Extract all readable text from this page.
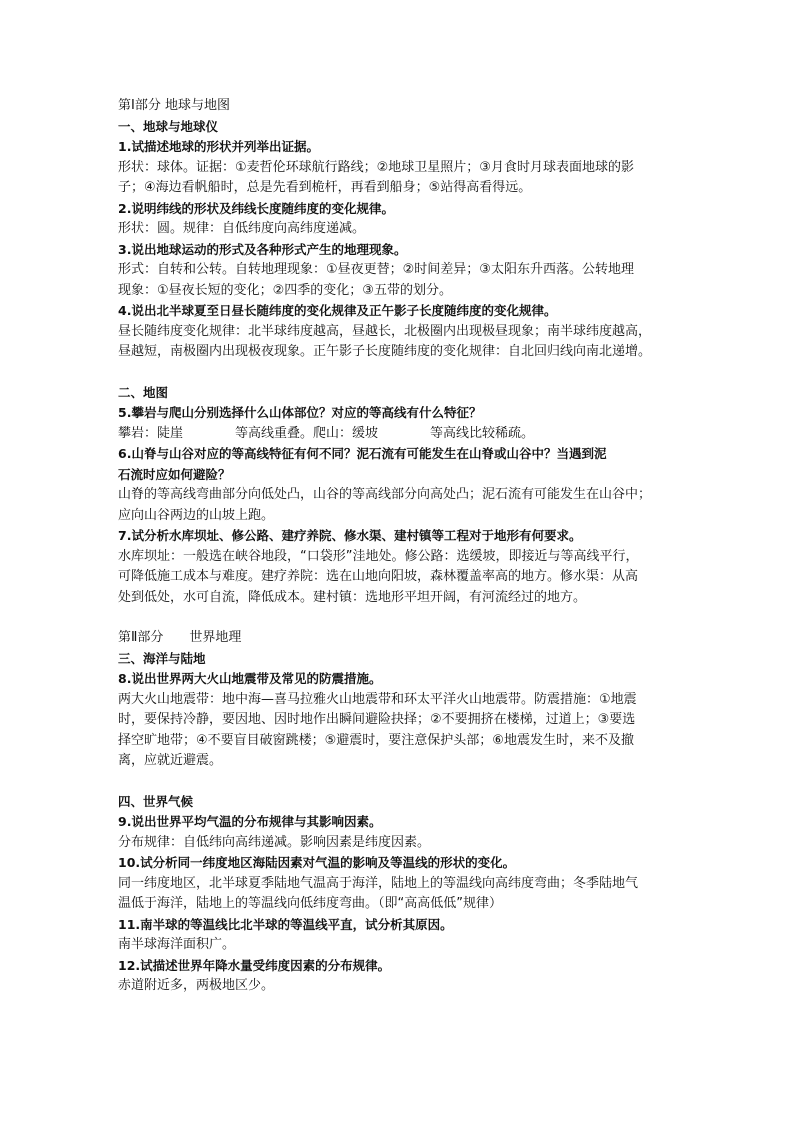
第Ⅰ部分 地球与地图
一、地球与地球仪
1.试描述地球的形状并列举出证据。
形状：球体。证据：①麦哲伦环球航行路线；②地球卫星照片；③月食时月球表面地球的影
子；④海边看帆船时，总是先看到桅杆，再看到船身；⑤站得高看得远。
2.说明纬线的形状及纬线长度随纬度的变化规律。
形状：圆。规律：自低纬度向高纬度递减。
3.说出地球运动的形式及各种形式产生的地理现象。
形式：自转和公转。自转地理现象：①昼夜更替；②时间差异；③太阳东升西落。公转地理
现象：①昼夜长短的变化；②四季的变化；③五带的划分。
4.说出北半球夏至日昼长随纬度的变化规律及正午影子长度随纬度的变化规律。
昼长随纬度变化规律：北半球纬度越高，昼越长，北极圈内出现极昼现象；南半球纬度越高，
昼越短，南极圈内出现极夜现象。正午影子长度随纬度的变化规律：自北回归线向南北递增。
二、地图
5.攀岩与爬山分别选择什么山体部位？对应的等高线有什么特征？
攀岩：陡崖　　　　等高线重叠。爬山：缓坡　　　　等高线比较稀疏。
6.山脊与山谷对应的等高线特征有何不同？泥石流有可能发生在山脊或山谷中？当遇到泥
石流时应如何避险？
山脊的等高线弯曲部分向低处凸，山谷的等高线部分向高处凸；泥石流有可能发生在山谷中；
应向山谷两边的山坡上跑。
7.试分析水库坝址、修公路、建疗养院、修水渠、建村镇等工程对于地形有何要求。
水库坝址：一般选在峡谷地段，“口袋形”洼地处。修公路：选缓坡，即接近与等高线平行，
可降低施工成本与难度。建疗养院：选在山地向阳坡，森林覆盖率高的地方。修水渠：从高
处到低处，水可自流，降低成本。建村镇：选地形平坦开阔，有河流经过的地方。
第Ⅱ部分　　世界地理
三、海洋与陆地
8.说出世界两大火山地震带及常见的防震措施。
两大火山地震带：地中海—喜马拉雅火山地震带和环太平洋火山地震带。防震措施：①地震
时，要保持冷静，要因地、因时地作出瞬间避险抉择；②不要拥挤在楼梯，过道上；③要选
择空旷地带；④不要盲目破窗跳楼；⑤避震时，要注意保护头部；⑥地震发生时，来不及撤
离，应就近避震。
四、世界气候
9.说出世界平均气温的分布规律与其影响因素。
分布规律：自低纬向高纬递减。影响因素是纬度因素。
10.试分析同一纬度地区海陆因素对气温的影响及等温线的形状的变化。
同一纬度地区，北半球夏季陆地气温高于海洋，陆地上的等温线向高纬度弯曲；冬季陆地气
温低于海洋，陆地上的等温线向低纬度弯曲。（即“高高低低”规律）
11.南半球的等温线比北半球的等温线平直，试分析其原因。
南半球海洋面积广。
12.试描述世界年降水量受纬度因素的分布规律。
赤道附近多，两极地区少。
